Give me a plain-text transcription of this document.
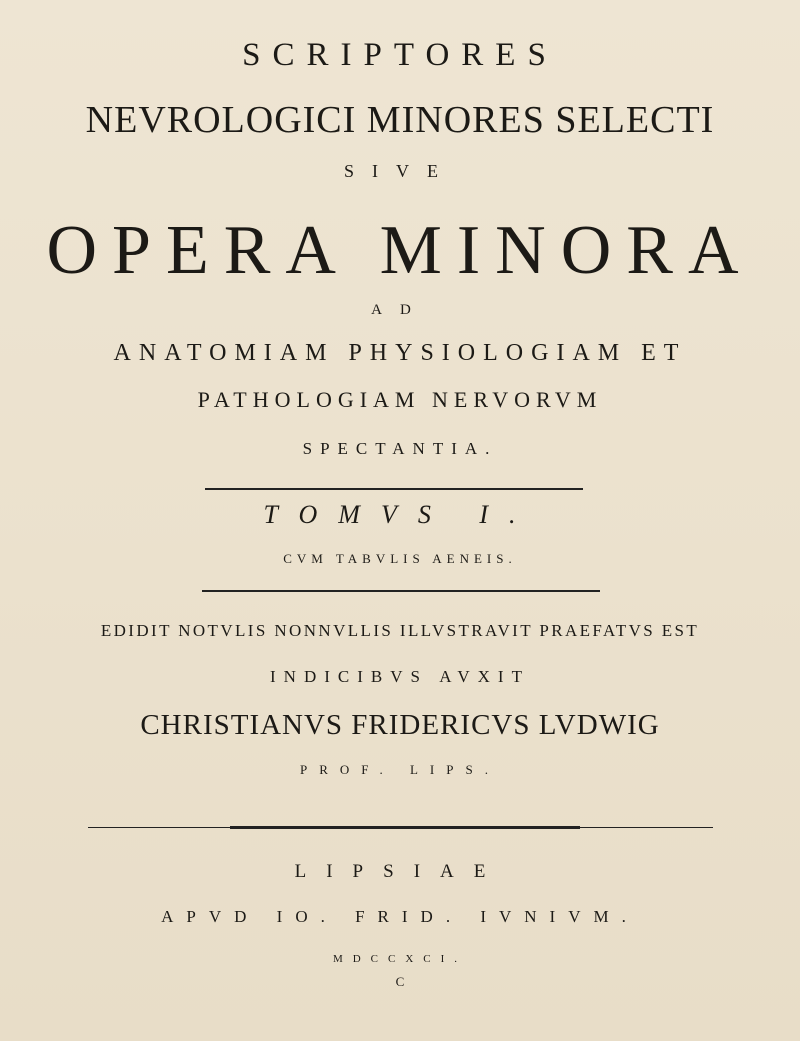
SCRIPTORES
NEVROLOGICI MINORES SELECTI
SIVE
OPERA MINORA
AD
ANATOMIAM PHYSIOLOGIAM ET
PATHOLOGIAM NERVORVM
SPECTANTIA.
TOMVS I.
CVM TABVLIS AENEIS.
EDIDIT NOTVLIS NONNVLLIS ILLVSTRAVIT PRAEFATVS EST
INDICIBVS AVXIT
CHRISTIANVS FRIDERICVS LVDWIG
PROF. LIPS.
LIPSIAE
APVD IO. FRID. IVNIVM.
MDCCXCI.
C
